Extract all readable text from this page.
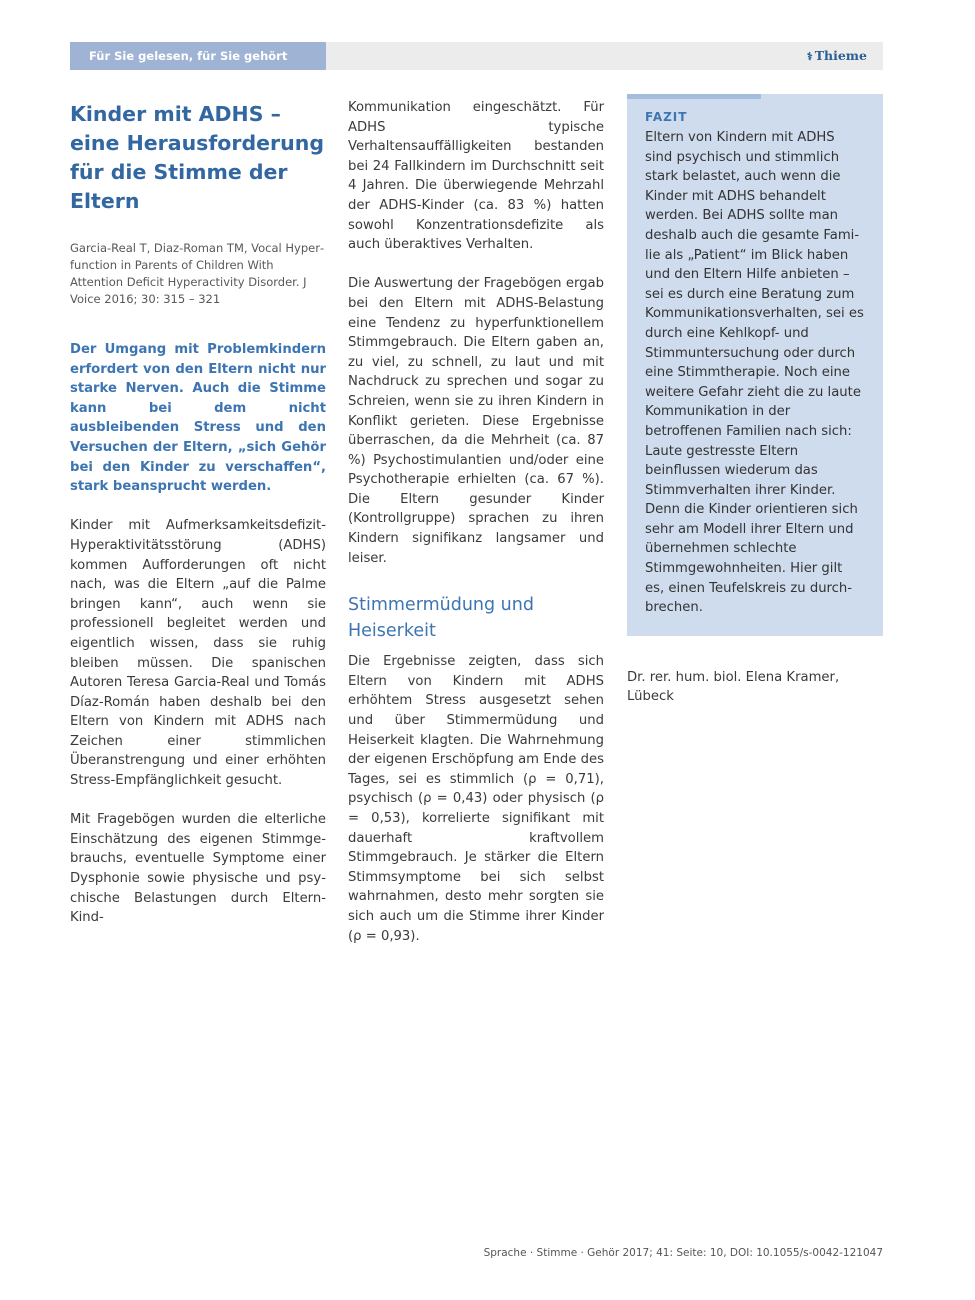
Für Sie gelesen, für Sie gehört	⚕ Thieme
Kinder mit ADHS – eine Herausforderung für die Stimme der Eltern
Garcia-Real T, Diaz-Roman TM, Vocal Hyperfunction in Parents of Children With Attention Deficit Hyperactivity Disorder. J Voice 2016; 30: 315 – 321
Der Umgang mit Problemkindern erfordert von den Eltern nicht nur starke Nerven. Auch die Stimme kann bei dem nicht ausbleibenden Stress und den Versuchen der Eltern, „sich Gehör bei den Kinder zu verschaffen“, stark beansprucht werden.

Kinder mit Aufmerksamkeitsdefizit-Hyperaktivitätsstörung (ADHS) kommen Aufforderungen oft nicht nach, was die Eltern „auf die Palme bringen kann“, auch wenn sie professionell begleitet werden und eigentlich wissen, dass sie ruhig bleiben müssen. Die spanischen Autoren Teresa Garcia-Real und Tomás Díaz-Román haben deshalb bei den Eltern von Kindern mit ADHS nach Zeichen einer stimmlichen Überanstrengung und einer erhöhten Stress-Empfänglichkeit gesucht.

Mit Fragebögen wurden die elterliche Einschätzung des eigenen Stimmgebrauchs, eventuelle Symptome einer Dysphonie sowie physische und psychische Belastungen durch Eltern-Kind-

Kommunikation eingeschätzt. Für ADHS typische Verhaltensauffälligkeiten bestanden bei 24 Fallkindern im Durchschnitt seit 4 Jahren. Die überwiegende Mehrzahl der ADHS-Kinder (ca. 83 %) hatten sowohl Konzentrationsdefizite als auch überaktives Verhalten.

Die Auswertung der Fragebögen ergab bei den Eltern mit ADHS-Belastung eine Tendenz zu hyperfunktionellem Stimmgebrauch. Die Eltern gaben an, zu viel, zu schnell, zu laut und mit Nachdruck zu sprechen und sogar zu Schreien, wenn sie zu ihren Kindern in Konflikt gerieten. Diese Ergebnisse überraschen, da die Mehrheit (ca. 87 %) Psychostimulantien und/oder eine Psychotherapie erhielten (ca. 67 %). Die Eltern gesunder Kinder (Kontrollgruppe) sprachen zu ihren Kindern signifikanz langsamer und leiser.

Stimmermüdung und Heiserkeit

Die Ergebnisse zeigten, dass sich Eltern von Kindern mit ADHS erhöhtem Stress ausgesetzt sehen und über Stimmermüdung und Heiserkeit klagten. Die Wahrnehmung der eigenen Erschöpfung am Ende des Tages, sei es stimmlich (ρ = 0,71), psychisch (ρ = 0,43) oder physisch (ρ = 0,53), korrelierte signifikant mit dauerhaft kraftvollem Stimmgebrauch. Je stärker die Eltern Stimmsymptome bei sich selbst wahrnahmen, desto mehr sorgten sie sich auch um die Stimme ihrer Kinder (ρ = 0,93).

FAZIT
Eltern von Kindern mit ADHS sind psychisch und stimmlich stark belastet, auch wenn die Kinder mit ADHS behandelt werden. Bei ADHS sollte man deshalb auch die gesamte Familie als „Patient“ im Blick haben und den Eltern Hilfe anbieten – sei es durch eine Beratung zum Kommunikationsverhalten, sei es durch eine Kehlkopf- und Stimmuntersuchung oder durch eine Stimmtherapie. Noch eine weitere Gefahr zieht die zu laute Kommunikation in der betroffenen Familien nach sich: Laute gestresste Eltern beinflussen wiederum das Stimmverhalten ihrer Kinder. Denn die Kinder orientieren sich sehr am Modell ihrer Eltern und übernehmen schlechte Stimmgewohnheiten. Hier gilt es, einen Teufelskreis zu durchbrechen.
Dr. rer. hum. biol. Elena Kramer, Lübeck
Sprache · Stimme · Gehör 2017; 41: Seite: 10, DOI: 10.1055/s-0042-121047
